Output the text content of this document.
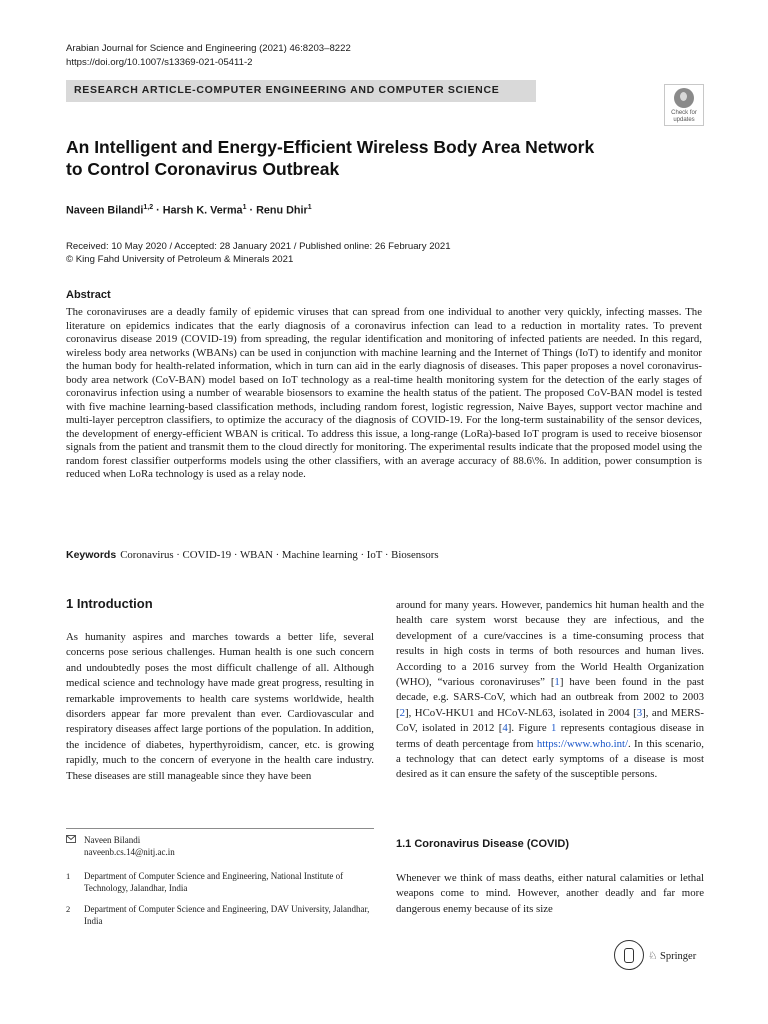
Arabian Journal for Science and Engineering (2021) 46:8203–8222
https://doi.org/10.1007/s13369-021-05411-2
RESEARCH ARTICLE-COMPUTER ENGINEERING AND COMPUTER SCIENCE
Check for
updates
An Intelligent and Energy-Efficient Wireless Body Area Network
to Control Coronavirus Outbreak
Naveen Bilandi$^{1,2}$ · Harsh K. Verma$^1$ · Renu Dhir$^1$
Received: 10 May 2020 / Accepted: 28 January 2021 / Published online: 26 February 2021
© King Fahd University of Petroleum & Minerals 2021
Abstract
The coronaviruses are a deadly family of epidemic viruses that can spread from one individual to another very quickly, infecting masses. The literature on epidemics indicates that the early diagnosis of a coronavirus infection can lead to a reduction in mortality rates. To prevent coronavirus disease 2019 (COVID-19) from spreading, the regular identification and monitoring of infected patients are needed. In this regard, wireless body area networks (WBANs) can be used in conjunction with machine learning and the Internet of Things (IoT) to identify and monitor the human body for health-related information, which in turn can aid in the early diagnosis of diseases. This paper proposes a novel coronavirus-body area network (CoV-BAN) model based on IoT technology as a real-time health monitoring system for the detection of the early stages of coronavirus infection using a number of wearable biosensors to examine the health status of the patient. The proposed CoV-BAN model is tested with five machine learning-based classification methods, including random forest, logistic regression, Naive Bayes, support vector machine and multi-layer perceptron classifiers, to optimize the accuracy of the diagnosis of COVID-19. For the long-term sustainability of the sensor devices, the development of energy-efficient WBAN is critical. To address this issue, a long-range (LoRa)-based IoT program is used to receive biosensor signals from the patient and transmit them to the cloud directly for monitoring. The experimental results indicate that the proposed model using the random forest classifier outperforms models using the other classifiers, with an average accuracy of 88.6\%. In addition, power consumption is reduced when LoRa technology is used as a relay node.
Keywords Coronavirus · COVID-19 · WBAN · Machine learning · IoT · Biosensors
1 Introduction
As humanity aspires and marches towards a better life, several concerns pose serious challenges. Human health is one such concern and undoubtedly poses the most difficult challenge of all. Although medical science and technology have made great progress, resulting in remarkable improvements to health care systems worldwide, health disorders appear far more prevalent than ever. Cardiovascular and respiratory diseases affect large portions of the population. In addition, the incidence of diabetes, hyperthyroidism, cancer, etc. is growing rapidly, much to the concern of everyone in the health care industry. These diseases are still manageable since they have been
around for many years. However, pandemics hit human health and the health care system worst because they are infectious, and the development of a cure/vaccines is a time-consuming process that results in high costs in terms of both resources and human lives. According to a 2016 survey from the World Health Organization (WHO), “various coronaviruses” [1] have been found in the past decade, e.g. SARS-CoV, which had an outbreak from 2002 to 2003 [2], HCoV-HKU1 and HCoV-NL63, isolated in 2004 [3], and MERS-CoV, isolated in 2012 [4]. Figure 1 represents contagious disease in terms of death percentage from https://www.who.int/. In this scenario, a technology that can detect early symptoms of a disease is most desired as it can ensure the safety of the susceptible persons.
Naveen Bilandi
naveenb.cs.14@nitj.ac.in
1	Department of Computer Science and Engineering, National Institute of Technology, Jalandhar, India
2	Department of Computer Science and Engineering, DAV University, Jalandhar, India
1.1 Coronavirus Disease (COVID)
Whenever we think of mass deaths, either natural calamities or lethal weapons come to mind. However, another deadly and far more dangerous enemy because of its size
♘ Springer
